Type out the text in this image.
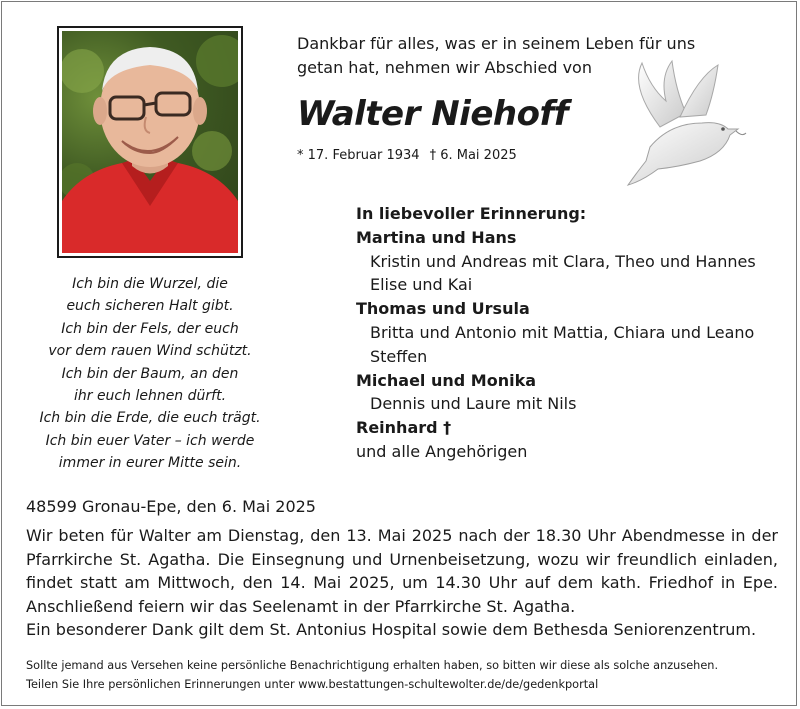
Ich bin die Wurzel, die
euch sicheren Halt gibt.
Ich bin der Fels, der euch
vor dem rauen Wind schützt.
Ich bin der Baum, an den
ihr euch lehnen dürft.
Ich bin die Erde, die euch trägt.
Ich bin euer Vater – ich werde
immer in eurer Mitte sein.
Dankbar für alles, was er in seinem Leben für uns
getan hat, nehmen wir Abschied von
Walter Niehoff
* 17. Februar 1934 † 6. Mai 2025
In liebevoller Erinnerung:
Martina und Hans
Kristin und Andreas mit Clara, Theo und Hannes
Elise und Kai
Thomas und Ursula
Britta und Antonio mit Mattia, Chiara und Leano
Steffen
Michael und Monika
Dennis und Laure mit Nils
Reinhard †
und alle Angehörigen
48599 Gronau-Epe, den 6. Mai 2025
Wir beten für Walter am Dienstag, den 13. Mai 2025 nach der 18.30 Uhr Abendmesse in der
Pfarrkirche St. Agatha. Die Einsegnung und Urnenbeisetzung, wozu wir freundlich einladen,
findet statt am Mittwoch, den 14. Mai 2025, um 14.30 Uhr auf dem kath. Friedhof in Epe.
Anschließend feiern wir das Seelenamt in der Pfarrkirche St. Agatha.
Ein besonderer Dank gilt dem St. Antonius Hospital sowie dem Bethesda Seniorenzentrum.
Sollte jemand aus Versehen keine persönliche Benachrichtigung erhalten haben, so bitten wir diese als solche anzusehen.
Teilen Sie Ihre persönlichen Erinnerungen unter www.bestattungen-schultewolter.de/de/gedenkportal
